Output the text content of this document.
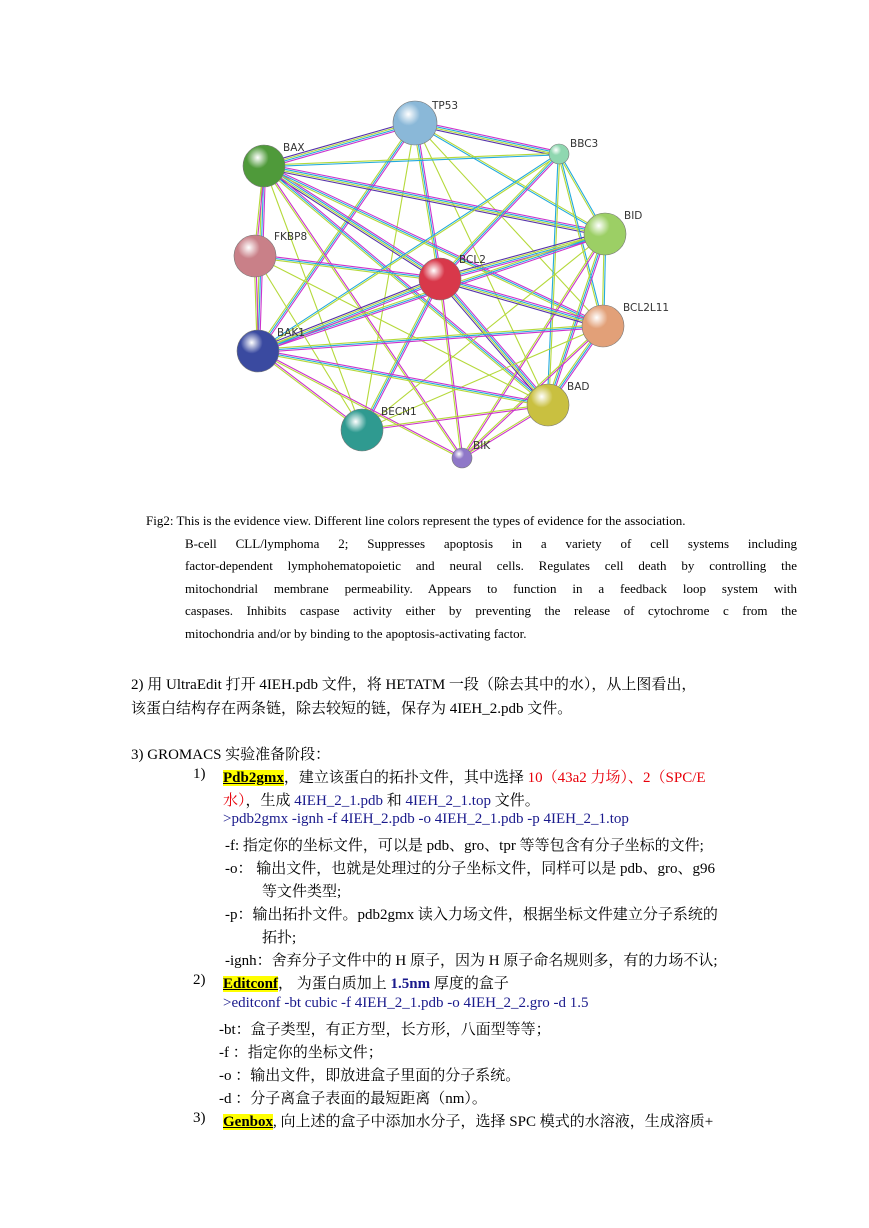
TP53
BAX	BBC3
BID
FKBP8
BCL2
BCL2L11
BAK1
BAD
BECN1
BIK
Fig2: This is the evidence view. Different line colors represent the types of evidence for the association.
B-cell CLL/lymphoma 2; Suppresses apoptosis in a variety of cell systems including
factor-dependent lymphohematopoietic and neural cells. Regulates cell death by controlling the
mitochondrial membrane permeability. Appears to function in a feedback loop system with
caspases. Inhibits caspase activity either by preventing the release of cytochrome c from the
mitochondria and/or by binding to the apoptosis-activating factor.
2) 用 UltraEdit 打开 4IEH.pdb 文件，将 HETATM 一段（除去其中的水），从上图看出，
该蛋白结构存在两条链，除去较短的链，保存为 4IEH_2.pdb 文件。
3) GROMACS 实验准备阶段：
1) Pdb2gmx，建立该蛋白的拓扑文件，其中选择 10（43a2 力场）、2（SPC/E
水），生成 4IEH_2_1.pdb 和 4IEH_2_1.top 文件。
>pdb2gmx -ignh -f 4IEH_2.pdb -o 4IEH_2_1.pdb -p 4IEH_2_1.top
-f: 指定你的坐标文件，可以是 pdb、gro、tpr 等等包含有分子坐标的文件;
-o： 输出文件，也就是处理过的分子坐标文件，同样可以是 pdb、gro、g96
等文件类型;
-p：输出拓扑文件。pdb2gmx 读入力场文件，根据坐标文件建立分子系统的
拓扑;
-ignh：舍弃分子文件中的 H 原子，因为 H 原子命名规则多，有的力场不认;
2) Editconf， 为蛋白质加上 1.5nm 厚度的盒子
>editconf -bt cubic -f 4IEH_2_1.pdb -o 4IEH_2_2.gro -d 1.5
-bt：盒子类型，有正方型，长方形，八面型等等；
-f ：指定你的坐标文件；
-o ：输出文件，即放进盒子里面的分子系统。
-d ：分子离盒子表面的最短距离（nm）。
3) Genbox, 向上述的盒子中添加水分子，选择 SPC 模式的水溶液，生成溶质+
